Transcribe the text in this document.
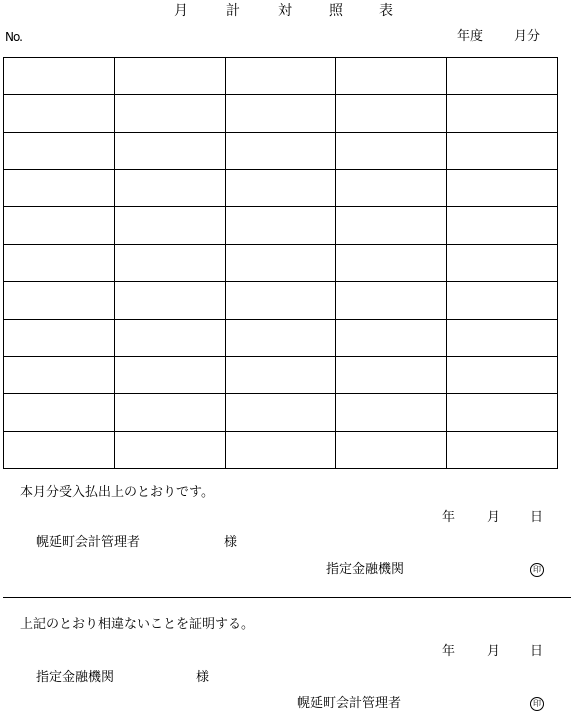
月	計	対	照	表
No.	年度 月分

本月分受入払出上のとおりです。
年 月 日
幌延町会計管理者	様
指定金融機関	印
上記のとおり相違ないことを証明する。
年 月 日
指定金融機関	様
幌延町会計管理者	印
